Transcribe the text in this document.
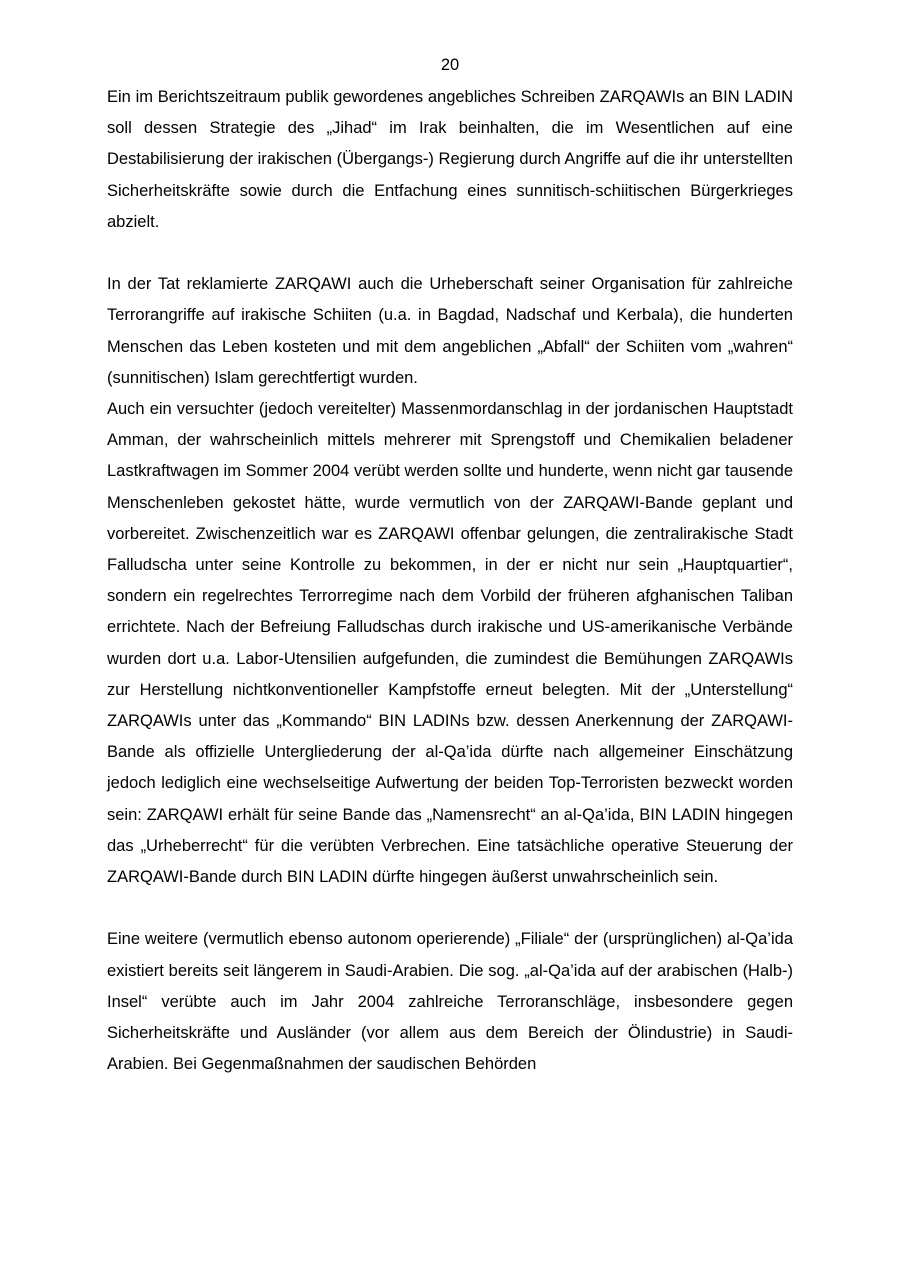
20

Ein im Berichtszeitraum publik gewordenes angebliches Schreiben ZARQAWIs an BIN LADIN soll dessen Strategie des „Jihad“ im Irak beinhalten, die im Wesentlichen auf eine Destabilisierung der irakischen (Übergangs-) Regierung durch Angriffe auf die ihr unterstellten Sicherheitskräfte sowie durch die Entfachung eines sunnitisch-schiitischen Bürgerkrieges abzielt.

In der Tat reklamierte ZARQAWI auch die Urheberschaft seiner Organisation für zahlreiche Terrorangriffe auf irakische Schiiten (u.a. in Bagdad, Nadschaf und Kerbala), die hunderten Menschen das Leben kosteten und mit dem angeblichen „Abfall“ der Schiiten vom „wahren“ (sunnitischen) Islam gerechtfertigt wurden.

Auch ein versuchter (jedoch vereitelter) Massenmordanschlag in der jordanischen Hauptstadt Amman, der wahrscheinlich mittels mehrerer mit Sprengstoff und Chemikalien beladener Lastkraftwagen im Sommer 2004 verübt werden sollte und hunderte, wenn nicht gar tausende Menschenleben gekostet hätte, wurde vermutlich von der ZARQAWI-Bande geplant und vorbereitet. Zwischenzeitlich war es ZARQAWI offenbar gelungen, die zentralirakische Stadt Falludscha unter seine Kontrolle zu bekommen, in der er nicht nur sein „Hauptquartier“, sondern ein regelrechtes Terrorregime nach dem Vorbild der früheren afghanischen Taliban errichtete. Nach der Befreiung Falludschas durch irakische und US-amerikanische Verbände wurden dort u.a. Labor-Utensilien aufgefunden, die zumindest die Bemühungen ZARQAWIs zur Herstellung nichtkonventioneller Kampfstoffe erneut belegten. Mit der „Unterstellung“ ZARQAWIs unter das „Kommando“ BIN LADINs bzw. dessen Anerkennung der ZARQAWI-Bande als offizielle Untergliederung der al-Qa’ida dürfte nach allgemeiner Einschätzung jedoch lediglich eine wechselseitige Aufwertung der beiden Top-Terroristen bezweckt worden sein: ZARQAWI erhält für seine Bande das „Namensrecht“ an al-Qa’ida, BIN LADIN hingegen das „Urheberrecht“ für die verübten Verbrechen. Eine tatsächliche operative Steuerung der ZARQAWI-Bande durch BIN LADIN dürfte hingegen äußerst unwahrscheinlich sein.

Eine weitere (vermutlich ebenso autonom operierende) „Filiale“ der (ursprünglichen) al-Qa’ida existiert bereits seit längerem in Saudi-Arabien. Die sog. „al-Qa’ida auf der arabischen (Halb-) Insel“ verübte auch im Jahr 2004 zahlreiche Terroranschläge, insbesondere gegen Sicherheitskräfte und Ausländer (vor allem aus dem Bereich der Ölindustrie) in Saudi-Arabien. Bei Gegenmaßnahmen der saudischen Behörden
